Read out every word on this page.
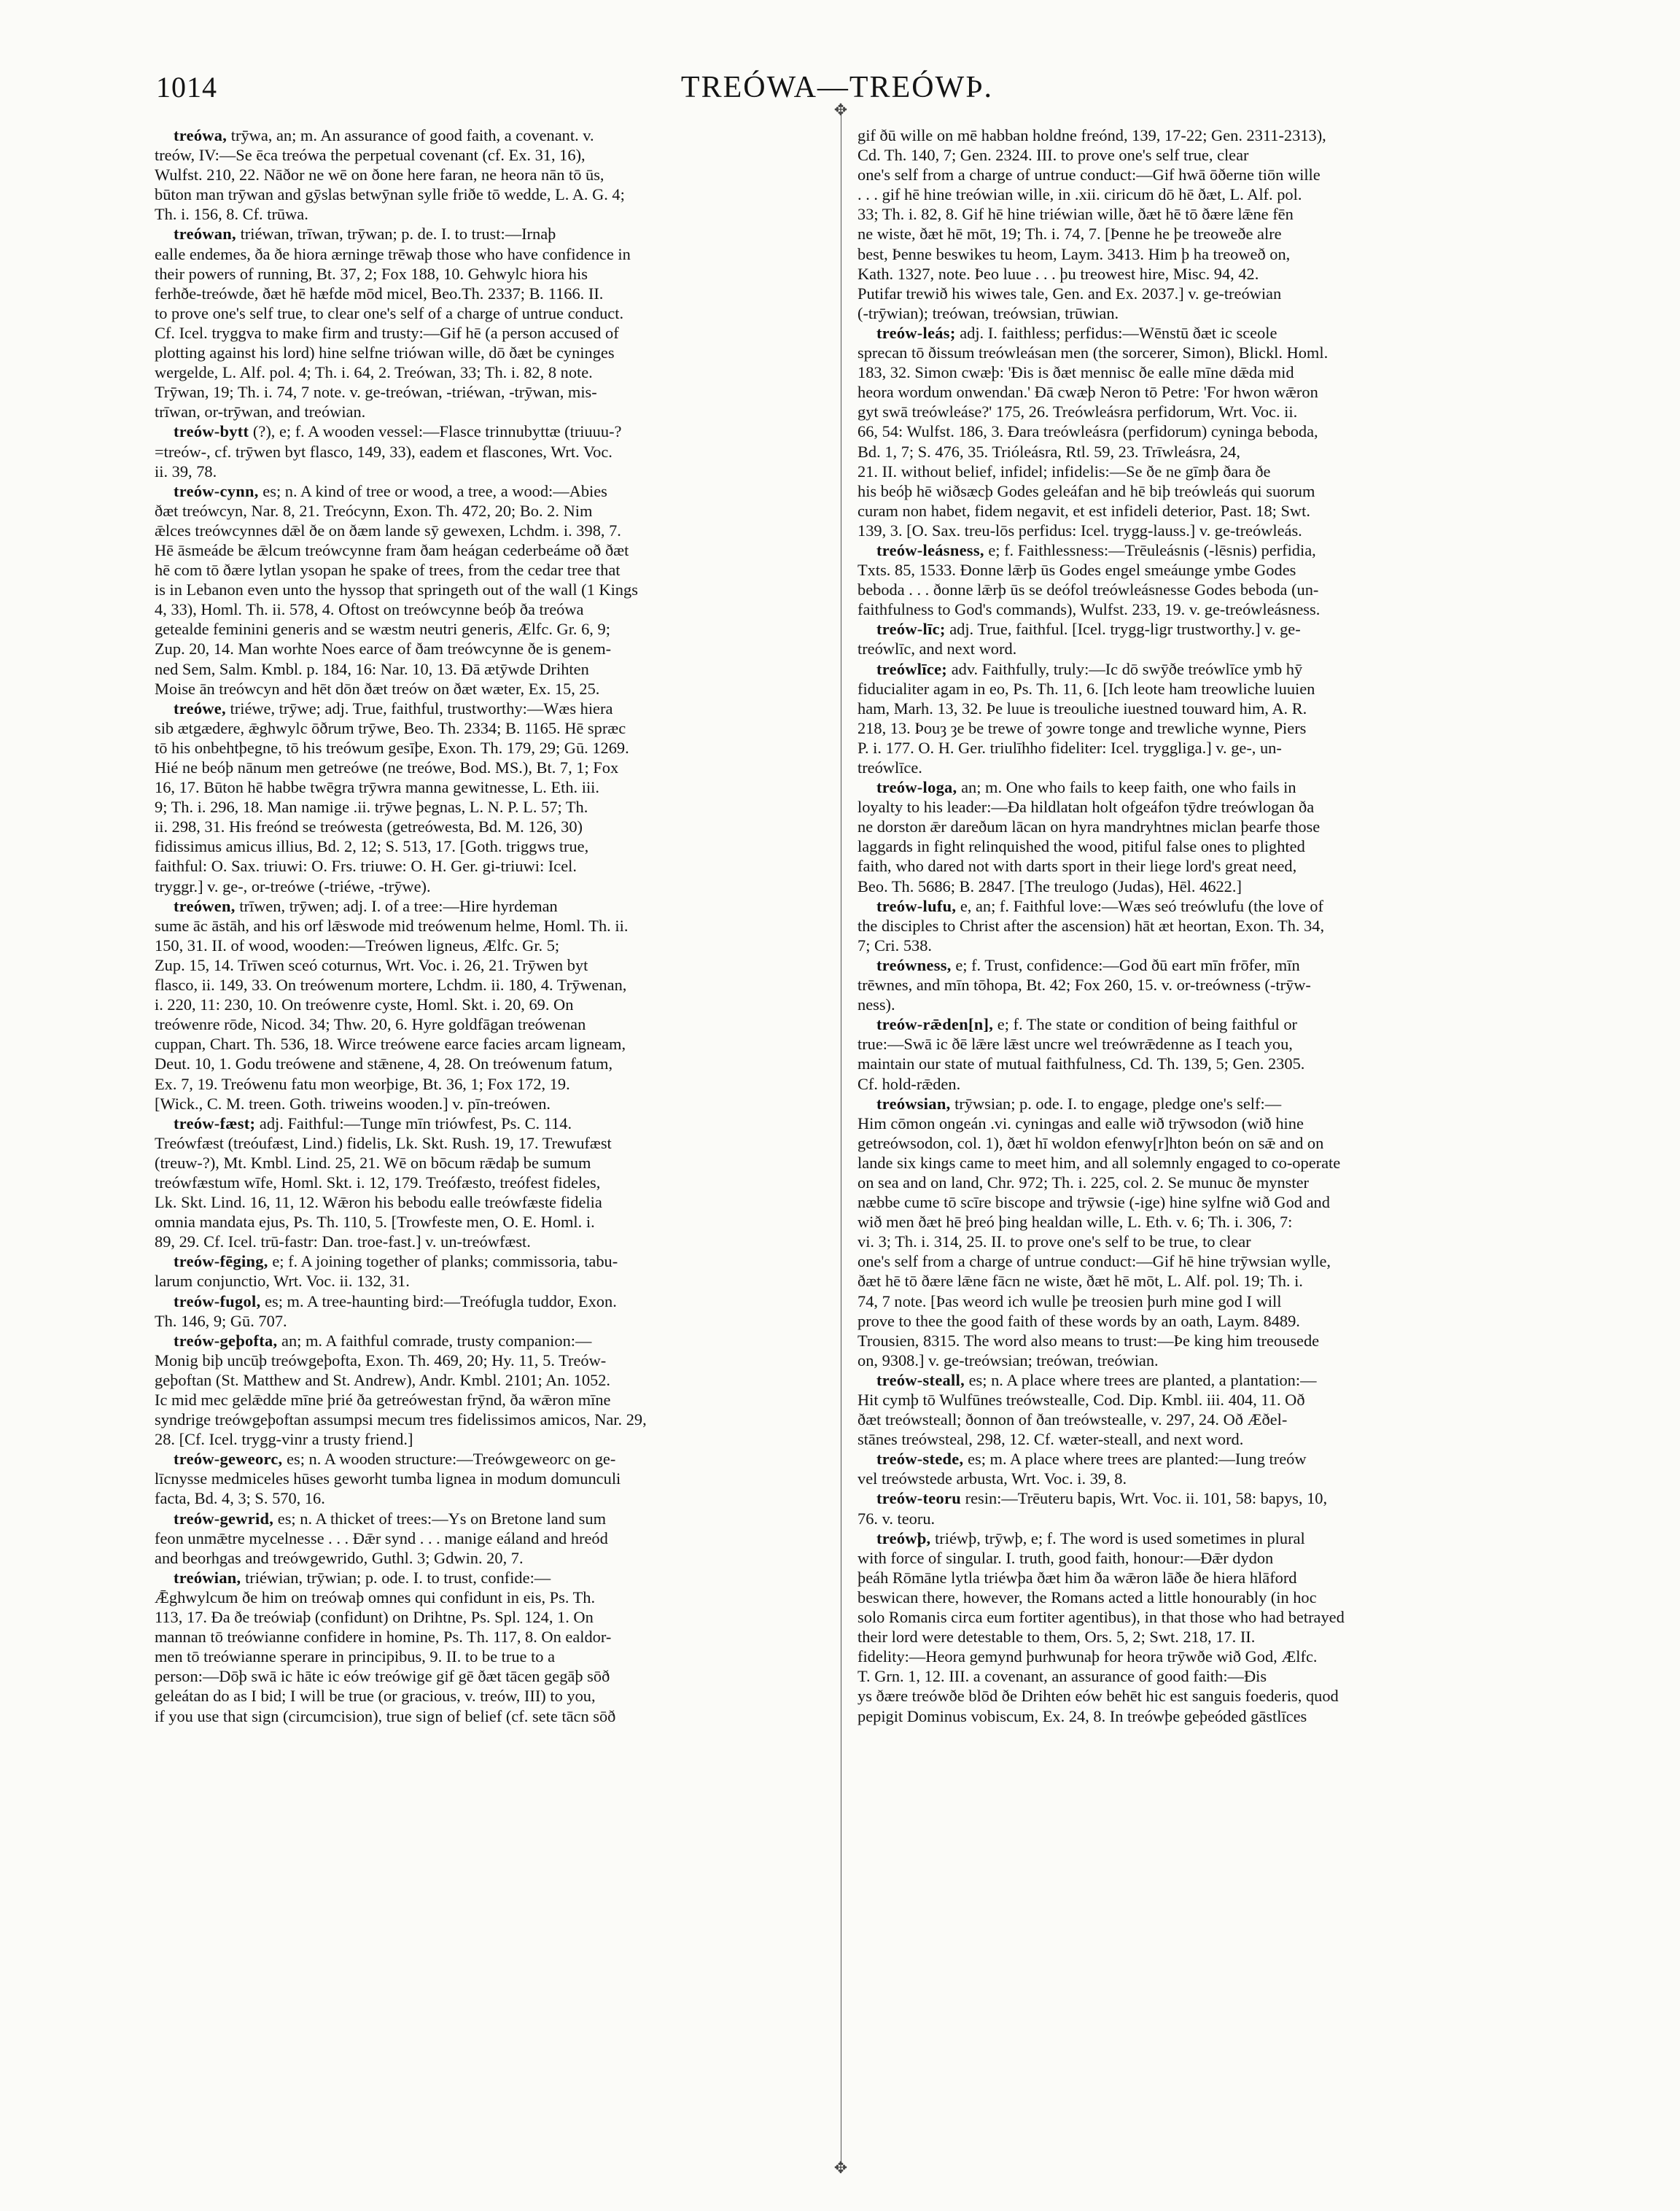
1014	TREÓWA—TREÓWÞ.
✥
✥
treówa, trȳwa, an; m. An assurance of good faith, a covenant. v.
treów, IV:—Se ēca treówa the perpetual covenant (cf. Ex. 31, 16),
Wulfst. 210, 22. Nāðor ne wē on ðone here faran, ne heora nān tō ūs,
būton man trȳwan and gȳslas betwȳnan sylle friðe tō wedde, L. A. G. 4;
Th. i. 156, 8. Cf. trūwa.
treówan, triéwan, trīwan, trȳwan; p. de. I. to trust:—Irnaþ
ealle endemes, ða ðe hiora ærninge trēwaþ those who have confidence in
their powers of running, Bt. 37, 2; Fox 188, 10. Gehwylc hiora his
ferhðe-treówde, ðæt hē hæfde mōd micel, Beo.Th. 2337; B. 1166. II.
to prove one's self true, to clear one's self of a charge of untrue conduct.
Cf. Icel. tryggva to make firm and trusty:—Gif hē (a person accused of
plotting against his lord) hine selfne triówan wille, dō ðæt be cyninges
wergelde, L. Alf. pol. 4; Th. i. 64, 2. Treówan, 33; Th. i. 82, 8 note.
Trȳwan, 19; Th. i. 74, 7 note. v. ge-treówan, -triéwan, -trȳwan, mis-
trīwan, or-trȳwan, and treówian.
treów-bytt (?), e; f. A wooden vessel:—Flasce trinnubyttæ (triuuu-?
=treów-, cf. trȳwen byt flasco, 149, 33), eadem et flascones, Wrt. Voc.
ii. 39, 78.
treów-cynn, es; n. A kind of tree or wood, a tree, a wood:—Abies
ðæt treówcyn, Nar. 8, 21. Treócynn, Exon. Th. 472, 20; Bo. 2. Nim
ǣlces treówcynnes dǣl ðe on ðæm lande sȳ gewexen, Lchdm. i. 398, 7.
Hē āsmeáde be ǣlcum treówcynne fram ðam heágan cederbeáme oð ðæt
hē com tō ðære lytlan ysopan he spake of trees, from the cedar tree that
is in Lebanon even unto the hyssop that springeth out of the wall (1 Kings
4, 33), Homl. Th. ii. 578, 4. Oftost on treówcynne beóþ ða treówa
getealde feminini generis and se wæstm neutri generis, Ælfc. Gr. 6, 9;
Zup. 20, 14. Man worhte Noes earce of ðam treówcynne ðe is genem-
ned Sem, Salm. Kmbl. p. 184, 16: Nar. 10, 13. Ðā ætȳwde Drihten
Moise ān treówcyn and hēt dōn ðæt treów on ðæt wæter, Ex. 15, 25.
treówe, triéwe, trȳwe; adj. True, faithful, trustworthy:—Wæs hiera
sib ætgædere, ǣghwylc ōðrum trȳwe, Beo. Th. 2334; B. 1165. Hē spræc
tō his onbehtþegne, tō his treówum gesīþe, Exon. Th. 179, 29; Gū. 1269.
Hié ne beóþ nānum men getreówe (ne treówe, Bod. MS.), Bt. 7, 1; Fox
16, 17. Būton hē habbe twēgra trȳwra manna gewitnesse, L. Eth. iii.
9; Th. i. 296, 18. Man namige .ii. trȳwe þegnas, L. N. P. L. 57; Th.
ii. 298, 31. His freónd se treówesta (getreówesta, Bd. M. 126, 30)
fidissimus amicus illius, Bd. 2, 12; S. 513, 17. [Goth. triggws true,
faithful: O. Sax. triuwi: O. Frs. triuwe: O. H. Ger. gi-triuwi: Icel.
tryggr.] v. ge-, or-treówe (-triéwe, -trȳwe).
treówen, trīwen, trȳwen; adj. I. of a tree:—Hire hyrdeman
sume āc āstāh, and his orf lǣswode mid treówenum helme, Homl. Th. ii.
150, 31. II. of wood, wooden:—Treówen ligneus, Ælfc. Gr. 5;
Zup. 15, 14. Trīwen sceó coturnus, Wrt. Voc. i. 26, 21. Trȳwen byt
flasco, ii. 149, 33. On treówenum mortere, Lchdm. ii. 180, 4. Trȳwenan,
i. 220, 11: 230, 10. On treówenre cyste, Homl. Skt. i. 20, 69. On
treówenre rōde, Nicod. 34; Thw. 20, 6. Hyre goldfāgan treówenan
cuppan, Chart. Th. 536, 18. Wirce treówene earce facies arcam ligneam,
Deut. 10, 1. Godu treówene and stǣnene, 4, 28. On treówenum fatum,
Ex. 7, 19. Treówenu fatu mon weorþige, Bt. 36, 1; Fox 172, 19.
[Wick., C. M. treen. Goth. triweins wooden.] v. pīn-treówen.
treów-fæst; adj. Faithful:—Tunge mīn triówfest, Ps. C. 114.
Treówfæst (treóufæst, Lind.) fidelis, Lk. Skt. Rush. 19, 17. Trewufæst
(treuw-?), Mt. Kmbl. Lind. 25, 21. Wē on bōcum rǣdaþ be sumum
treówfæstum wīfe, Homl. Skt. i. 12, 179. Treófæsto, treófest fideles,
Lk. Skt. Lind. 16, 11, 12. Wǣron his bebodu ealle treówfæste fidelia
omnia mandata ejus, Ps. Th. 110, 5. [Trowfeste men, O. E. Homl. i.
89, 29. Cf. Icel. trū-fastr: Dan. troe-fast.] v. un-treówfæst.
treów-fēging, e; f. A joining together of planks; commissoria, tabu-
larum conjunctio, Wrt. Voc. ii. 132, 31.
treów-fugol, es; m. A tree-haunting bird:—Treófugla tuddor, Exon.
Th. 146, 9; Gū. 707.
treów-geþofta, an; m. A faithful comrade, trusty companion:—
Monig biþ uncūþ treówgeþofta, Exon. Th. 469, 20; Hy. 11, 5. Treów-
geþoftan (St. Matthew and St. Andrew), Andr. Kmbl. 2101; An. 1052.
Ic mid mec gelǣdde mīne þrié ða getreówestan frȳnd, ða wǣron mīne
syndrige treówgeþoftan assumpsi mecum tres fidelissimos amicos, Nar. 29,
28. [Cf. Icel. trygg-vinr a trusty friend.]
treów-geweorc, es; n. A wooden structure:—Treówgeweorc on ge-
līcnysse medmiceles hūses geworht tumba lignea in modum domunculi
facta, Bd. 4, 3; S. 570, 16.
treów-gewrid, es; n. A thicket of trees:—Ys on Bretone land sum
feon unmǣtre mycelnesse . . . Ðǣr synd . . . manige eáland and hreód
and beorhgas and treówgewrido, Guthl. 3; Gdwin. 20, 7.
treówian, triéwian, trȳwian; p. ode. I. to trust, confide:—
Ǣghwylcum ðe him on treówaþ omnes qui confidunt in eis, Ps. Th.
113, 17. Ða ðe treówiaþ (confidunt) on Drihtne, Ps. Spl. 124, 1. On
mannan tō treówianne confidere in homine, Ps. Th. 117, 8. On ealdor-
men tō treówianne sperare in principibus, 9. II. to be true to a
person:—Dōþ swā ic hāte ic eów treówige gif gē ðæt tācen gegāþ sōð
geleátan do as I bid; I will be true (or gracious, v. treów, III) to you,
if you use that sign (circumcision), true sign of belief (cf. sete tācn sōð
gif ðū wille on mē habban holdne freónd, 139, 17-22; Gen. 2311-2313),
Cd. Th. 140, 7; Gen. 2324. III. to prove one's self true, clear
one's self from a charge of untrue conduct:—Gif hwā ōðerne tiōn wille
. . . gif hē hine treówian wille, in .xii. ciricum dō hē ðæt, L. Alf. pol.
33; Th. i. 82, 8. Gif hē hine triéwian wille, ðæt hē tō ðære lǣne fēn
ne wiste, ðæt hē mōt, 19; Th. i. 74, 7. [Þenne he þe treoweðe alre
best, Þenne beswikes tu heom, Laym. 3413. Him þ ha treoweð on,
Kath. 1327, note. Þeo luue . . . þu treowest hire, Misc. 94, 42.
Putifar trewið his wiwes tale, Gen. and Ex. 2037.] v. ge-treówian
(-trȳwian); treówan, treówsian, trūwian.
treów-leás; adj. I. faithless; perfidus:—Wēnstū ðæt ic sceole
sprecan tō ðissum treówleásan men (the sorcerer, Simon), Blickl. Homl.
183, 32. Simon cwæþ: 'Ðis is ðæt mennisc ðe ealle mīne dǣda mid
heora wordum onwendan.' Ðā cwæþ Neron tō Petre: 'For hwon wǣron
gyt swā treówleáse?' 175, 26. Treówleásra perfidorum, Wrt. Voc. ii.
66, 54: Wulfst. 186, 3. Ðara treówleásra (perfidorum) cyninga beboda,
Bd. 1, 7; S. 476, 35. Trióleásra, Rtl. 59, 23. Trīwleásra, 24,
21. II. without belief, infidel; infidelis:—Se ðe ne gīmþ ðara ðe
his beóþ hē wiðsæcþ Godes geleáfan and hē biþ treówleás qui suorum
curam non habet, fidem negavit, et est infideli deterior, Past. 18; Swt.
139, 3. [O. Sax. treu-lōs perfidus: Icel. trygg-lauss.] v. ge-treówleás.
treów-leásness, e; f. Faithlessness:—Trēuleásnis (-lēsnis) perfidia,
Txts. 85, 1533. Ðonne lǣrþ ūs Godes engel smeáunge ymbe Godes
beboda . . . ðonne lǣrþ ūs se deófol treówleásnesse Godes beboda (un-
faithfulness to God's commands), Wulfst. 233, 19. v. ge-treówleásness.
treów-līc; adj. True, faithful. [Icel. trygg-ligr trustworthy.] v. ge-
treówlīc, and next word.
treówlīce; adv. Faithfully, truly:—Ic dō swȳðe treówlīce ymb hȳ
fiducialiter agam in eo, Ps. Th. 11, 6. [Ich leote ham treowliche luuien
ham, Marh. 13, 32. Þe luue is treouliche iuestned touward him, A. R.
218, 13. Þouȝ ȝe be trewe of ȝowre tonge and trewliche wynne, Piers
P. i. 177. O. H. Ger. triulīhho fideliter: Icel. tryggliga.] v. ge-, un-
treówlīce.
treów-loga, an; m. One who fails to keep faith, one who fails in
loyalty to his leader:—Ða hildlatan holt ofgeáfon tȳdre treówlogan ða
ne dorston ǣr dareðum lācan on hyra mandryhtnes miclan þearfe those
laggards in fight relinquished the wood, pitiful false ones to plighted
faith, who dared not with darts sport in their liege lord's great need,
Beo. Th. 5686; B. 2847. [The treulogo (Judas), Hēl. 4622.]
treów-lufu, e, an; f. Faithful love:—Wæs seó treówlufu (the love of
the disciples to Christ after the ascension) hāt æt heortan, Exon. Th. 34,
7; Cri. 538.
treówness, e; f. Trust, confidence:—God ðū eart mīn frōfer, mīn
trēwnes, and mīn tōhopa, Bt. 42; Fox 260, 15. v. or-treówness (-trȳw-
ness).
treów-rǣden[n], e; f. The state or condition of being faithful or
true:—Swā ic ðē lǣre lǣst uncre wel treówrǣdenne as I teach you,
maintain our state of mutual faithfulness, Cd. Th. 139, 5; Gen. 2305.
Cf. hold-rǣden.
treówsian, trȳwsian; p. ode. I. to engage, pledge one's self:—
Him cōmon ongeán .vi. cyningas and ealle wið trȳwsodon (wið hine
getreówsodon, col. 1), ðæt hī woldon efenwy[r]hton beón on sǣ and on
lande six kings came to meet him, and all solemnly engaged to co-operate
on sea and on land, Chr. 972; Th. i. 225, col. 2. Se munuc ðe mynster
næbbe cume tō scīre biscope and trȳwsie (-ige) hine sylfne wið God and
wið men ðæt hē þreó þing healdan wille, L. Eth. v. 6; Th. i. 306, 7:
vi. 3; Th. i. 314, 25. II. to prove one's self to be true, to clear
one's self from a charge of untrue conduct:—Gif hē hine trȳwsian wylle,
ðæt hē tō ðære lǣne fācn ne wiste, ðæt hē mōt, L. Alf. pol. 19; Th. i.
74, 7 note. [Þas weord ich wulle þe treosien þurh mine god I will
prove to thee the good faith of these words by an oath, Laym. 8489.
Trousien, 8315. The word also means to trust:—Þe king him treousede
on, 9308.] v. ge-treówsian; treówan, treówian.
treów-steall, es; n. A place where trees are planted, a plantation:—
Hit cymþ tō Wulfūnes treówstealle, Cod. Dip. Kmbl. iii. 404, 11. Oð
ðæt treówsteall; ðonnon of ðan treówstealle, v. 297, 24. Oð Æðel-
stānes treówsteal, 298, 12. Cf. wæter-steall, and next word.
treów-stede, es; m. A place where trees are planted:—Iung treów
vel treówstede arbusta, Wrt. Voc. i. 39, 8.
treów-teoru resin:—Trēuteru bapis, Wrt. Voc. ii. 101, 58: bapys, 10,
76. v. teoru.
treówþ, triéwþ, trȳwþ, e; f. The word is used sometimes in plural
with force of singular. I. truth, good faith, honour:—Ðǣr dydon
þeáh Rōmāne lytla triéwþa ðæt him ða wǣron lāðe ðe hiera hlāford
beswican there, however, the Romans acted a little honourably (in hoc
solo Romanis circa eum fortiter agentibus), in that those who had betrayed
their lord were detestable to them, Ors. 5, 2; Swt. 218, 17. II.
fidelity:—Heora gemynd þurhwunaþ for heora trȳwðe wið God, Ælfc.
T. Grn. 1, 12. III. a covenant, an assurance of good faith:—Ðis
ys ðære treówðe blōd ðe Drihten eów behēt hic est sanguis foederis, quod
pepigit Dominus vobiscum, Ex. 24, 8. In treówþe geþeóded gāstlīces
